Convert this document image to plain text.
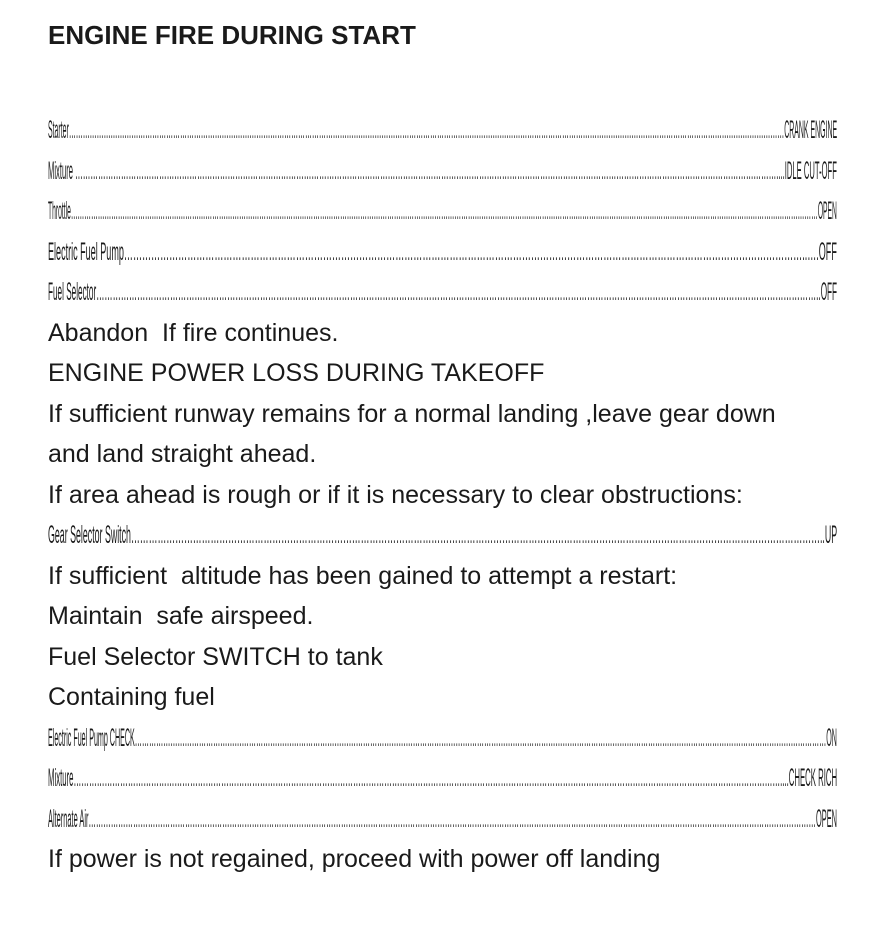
ENGINE FIRE DURING START
Starter…………………………………………………………………………………………………………………………………………………………………………………………………………………………………………………………………………………CRANK ENGINE
Mixture ……………………………………………………………………………………………………………………………………………………………………………………………………………………………………………………....IDLE CUT-OFF
Throttle………………………………………………………………………………………………………………………………………………………………………………………………………………………………………………………………………………………………………OPEN
Electric Fuel Pump………………………………………………………………………………………………………………………………………………………………………………………………………..….OFF
Fuel Selector…………………………………………………………………………………………………………………………………………………………………………………………………………………………………………..OFF
Abandon  If fire continues.
ENGINE POWER LOSS DURING TAKEOFF
If sufficient runway remains for a normal landing ,leave gear down
and land straight ahead.
If area ahead is rough or if it is necessary to clear obstructions:
Gear Selector Switch………………………………………………………………………………………………………………………………………………………………………………………………………………..UP
If sufficient  altitude has been gained to attempt a restart:
Maintain  safe airspeed.
Fuel Selector SWITCH to tank
Containing fuel
Electric Fuel Pump CHECK…………………………………………………………………………………………………………………………………………………………………………………………………………………………………………………………………ON
Mixture…………………………………………………………………………………………………………………………………………………………………………………………………………………………………………………....CHECK RICH
Alternate Air……………………………………………………………………………………………………………………………………………………………………………………………………………………………………………………………………OPEN
If power is not regained, proceed with power off landing
